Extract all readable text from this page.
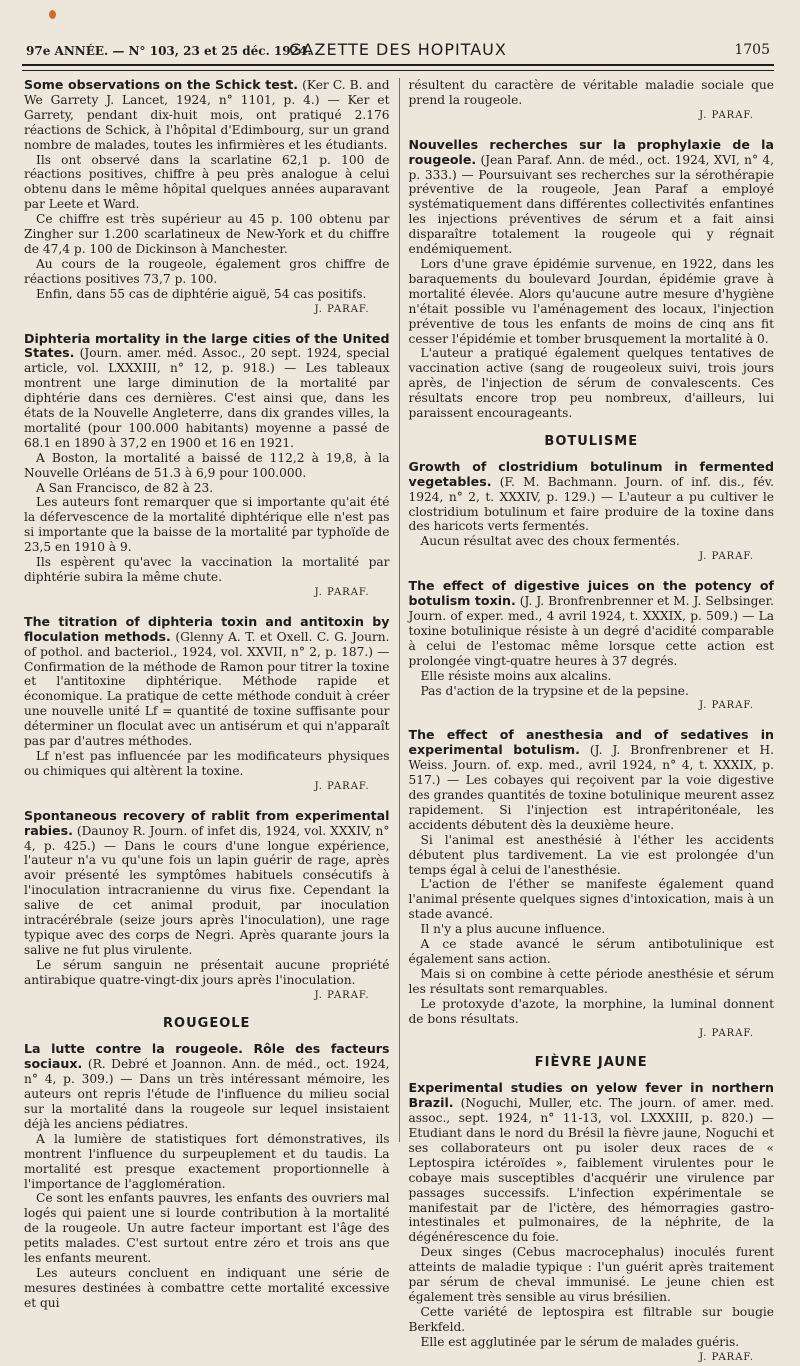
97e ANNÉE. — N° 103, 23 et 25 déc. 1924.
GAZETTE DES HOPITAUX	1705

Some observations on the Schick test. (Ker C. B. and We Garrety J. Lancet, 1924, n° 1101, p. 4.) — Ker et Garrety, pendant dix-huit mois, ont pratiqué 2.176 réactions de Schick, à l'hôpital d'Edimbourg, sur un grand nombre de malades, toutes les infirmières et les étudiants.

Ils ont observé dans la scarlatine 62,1 p. 100 de réactions positives, chiffre à peu près analogue à celui obtenu dans le même hôpital quelques années auparavant par Leete et Ward.

Ce chiffre est très supérieur au 45 p. 100 obtenu par Zingher sur 1.200 scarlatineux de New-York et du chiffre de 47,4 p. 100 de Dickinson à Manchester.

Au cours de la rougeole, également gros chiffre de réactions positives 73,7 p. 100.

Enfin, dans 55 cas de diphtérie aiguë, 54 cas positifs.

J. PARAF.

Diphteria mortality in the large cities of the United States. (Journ. amer. méd. Assoc., 20 sept. 1924, special article, vol. LXXXIII, n° 12, p. 918.) — Les tableaux montrent une large diminution de la mortalité par diphtérie dans ces dernières. C'est ainsi que, dans les états de la Nouvelle Angleterre, dans dix grandes villes, la mortalité (pour 100.000 habitants) moyenne a passé de 68.1 en 1890 à 37,2 en 1900 et 16 en 1921.

A Boston, la mortalité a baissé de 112,2 à 19,8, à la Nouvelle Orléans de 51.3 à 6,9 pour 100.000.

A San Francisco, de 82 à 23.

Les auteurs font remarquer que si importante qu'ait été la défervescence de la mortalité diphtérique elle n'est pas si importante que la baisse de la mortalité par typhoïde de 23,5 en 1910 à 9.

Ils espèrent qu'avec la vaccination la mortalité par diphtérie subira la même chute.

J. PARAF.

The titration of diphteria toxin and antitoxin by floculation methods. (Glenny A. T. et Oxell. C. G. Journ. of pothol. and bacteriol., 1924, vol. XXVII, n° 2, p. 187.) — Confirmation de la méthode de Ramon pour titrer la toxine et l'antitoxine diphtérique. Méthode rapide et économique. La pratique de cette méthode conduit à créer une nouvelle unité Lf = quantité de toxine suffisante pour déterminer un floculat avec un antisérum et qui n'apparaît pas par d'autres méthodes.

Lf n'est pas influencée par les modificateurs physiques ou chimiques qui altèrent la toxine.

J. PARAF.

Spontaneous recovery of rablit from experimental rabies. (Daunoy R. Journ. of infet dis, 1924, vol. XXXIV, n° 4, p. 425.) — Dans le cours d'une longue expérience, l'auteur n'a vu qu'une fois un lapin guérir de rage, après avoir présenté les symptômes habituels consécutifs à l'inoculation intracranienne du virus fixe. Cependant la salive de cet animal produit, par inoculation intracérébrale (seize jours après l'inoculation), une rage typique avec des corps de Negri. Après quarante jours la salive ne fut plus virulente.

Le sérum sanguin ne présentait aucune propriété antirabique quatre-vingt-dix jours après l'inoculation.

J. PARAF.
ROUGEOLE

La lutte contre la rougeole. Rôle des facteurs sociaux. (R. Debré et Joannon. Ann. de méd., oct. 1924, n° 4, p. 309.) — Dans un très intéressant mémoire, les auteurs ont repris l'étude de l'influence du milieu social sur la mortalité dans la rougeole sur lequel insistaient déjà les anciens pédiatres.

A la lumière de statistiques fort démonstratives, ils montrent l'influence du surpeuplement et du taudis. La mortalité est presque exactement proportionnelle à l'importance de l'agglomération.

Ce sont les enfants pauvres, les enfants des ouvriers mal logés qui paient une si lourde contribution à la mortalité de la rougeole. Un autre facteur important est l'âge des petits malades. C'est surtout entre zéro et trois ans que les enfants meurent.

Les auteurs concluent en indiquant une série de mesures destinées à combattre cette mortalité excessive et qui

résultent du caractère de véritable maladie sociale que prend la rougeole.

J. PARAF.

Nouvelles recherches sur la prophylaxie de la rougeole. (Jean Paraf. Ann. de méd., oct. 1924, XVI, n° 4, p. 333.) — Poursuivant ses recherches sur la sérothérapie préventive de la rougeole, Jean Paraf a employé systématiquement dans différentes collectivités enfantines les injections préventives de sérum et a fait ainsi disparaître totalement la rougeole qui y régnait endémiquement.

Lors d'une grave épidémie survenue, en 1922, dans les baraquements du boulevard Jourdan, épidémie grave à mortalité élevée. Alors qu'aucune autre mesure d'hygiène n'était possible vu l'aménagement des locaux, l'injection préventive de tous les enfants de moins de cinq ans fit cesser l'épidémie et tomber brusquement la mortalité à 0.

L'auteur a pratiqué également quelques tentatives de vaccination active (sang de rougeoleux suivi, trois jours après, de l'injection de sérum de convalescents. Ces résultats encore trop peu nombreux, d'ailleurs, lui paraissent encourageants.

BOTULISME

Growth of clostridium botulinum in fermented vegetables. (F. M. Bachmann. Journ. of inf. dis., fév. 1924, n° 2, t. XXXIV, p. 129.) — L'auteur a pu cultiver le clostridium botulinum et faire produire de la toxine dans des haricots verts fermentés.

Aucun résultat avec des choux fermentés.

J. PARAF.

The effect of digestive juices on the potency of botulism toxin. (J. J. Bronfrenbrenner et M. J. Selbsinger. Journ. of exper. med., 4 avril 1924, t. XXXIX, p. 509.) — La toxine botulinique résiste à un degré d'acidité comparable à celui de l'estomac même lorsque cette action est prolongée vingt-quatre heures à 37 degrés.

Elle résiste moins aux alcalins.

Pas d'action de la trypsine et de la pepsine.

J. PARAF.

The effect of anesthesia and of sedatives in experimental botulism. (J. J. Bronfrenbrener et H. Weiss. Journ. of. exp. med., avril 1924, n° 4, t. XXXIX, p. 517.) — Les cobayes qui reçoivent par la voie digestive des grandes quantités de toxine botulinique meurent assez rapidement. Si l'injection est intrapéritonéale, les accidents débutent dès la deuxième heure.

Si l'animal est anesthésié à l'éther les accidents débutent plus tardivement. La vie est prolongée d'un temps égal à celui de l'anesthésie.

L'action de l'éther se manifeste également quand l'animal présente quelques signes d'intoxication, mais à un stade avancé.

Il n'y a plus aucune influence.

A ce stade avancé le sérum antibotulinique est également sans action.

Mais si on combine à cette période anesthésie et sérum les résultats sont remarquables.

Le protoxyde d'azote, la morphine, la luminal donnent de bons résultats.

J. PARAF.
FIÈVRE JAUNE

Experimental studies on yelow fever in northern Brazil. (Noguchi, Muller, etc. The journ. of amer. med. assoc., sept. 1924, n° 11-13, vol. LXXXIII, p. 820.) — Etudiant dans le nord du Brésil la fièvre jaune, Noguchi et ses collaborateurs ont pu isoler deux races de « Leptospira ictéroïdes », faiblement virulentes pour le cobaye mais susceptibles d'acquérir une virulence par passages successifs. L'infection expérimentale se manifestait par de l'ictère, des hémorragies gastro-intestinales et pulmonaires, de la néphrite, de la dégénérescence du foie.

Deux singes (Cebus macrocephalus) inoculés furent atteints de maladie typique : l'un guérit après traitement par sérum de cheval immunisé. Le jeune chien est également très sensible au virus brésilien.

Cette variété de leptospira est filtrable sur bougie Berkfeld.

Elle est agglutinée par le sérum de malades guéris.

J. PARAF.
